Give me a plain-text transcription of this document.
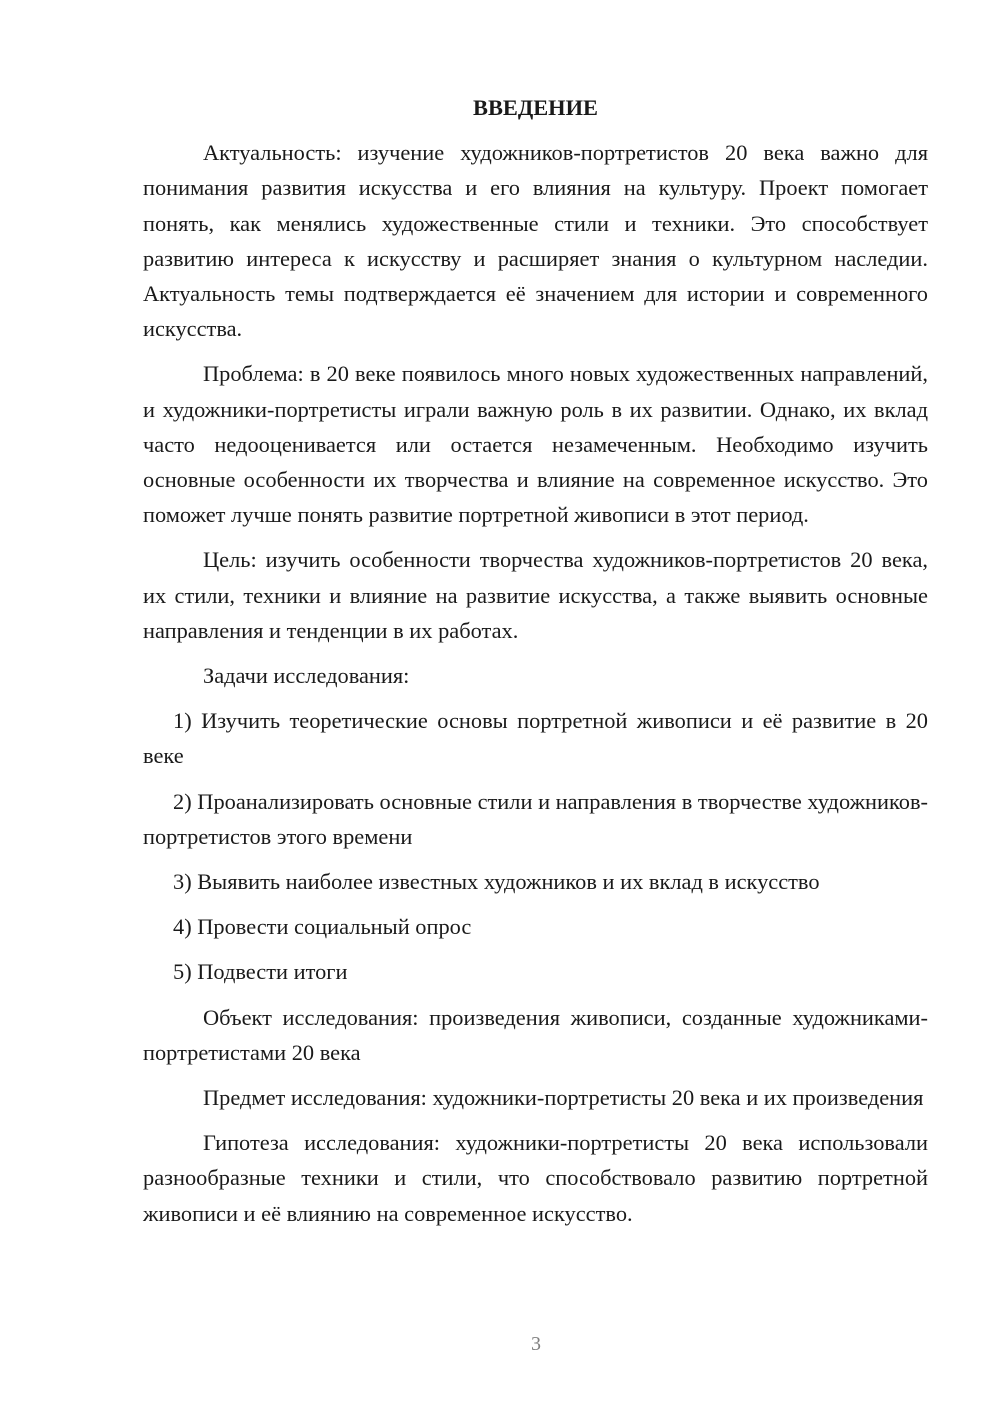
ВВЕДЕНИЕ

Актуальность: изучение художников-портретистов 20 века важно для понимания развития искусства и его влияния на культуру. Проект помогает понять, как менялись художественные стили и техники. Это способствует развитию интереса к искусству и расширяет знания о культурном наследии. Актуальность темы подтверждается её значением для истории и современного искусства.

Проблема: в 20 веке появилось много новых художественных направлений, и художники-портретисты играли важную роль в их развитии. Однако, их вклад часто недооценивается или остается незамеченным. Необходимо изучить основные особенности их творчества и влияние на современное искусство. Это поможет лучше понять развитие портретной живописи в этот период.

Цель: изучить особенности творчества художников-портретистов 20 века, их стили, техники и влияние на развитие искусства, а также выявить основные направления и тенденции в их работах.

Задачи исследования:

1) Изучить теоретические основы портретной живописи и её развитие в 20 веке

2) Проанализировать основные стили и направления в творчестве художников-портретистов этого времени

3) Выявить наиболее известных художников и их вклад в искусство

4) Провести социальный опрос

5) Подвести итоги

Объект исследования: произведения живописи, созданные художниками-портретистами 20 века

Предмет исследования: художники-портретисты 20 века и их произведения

Гипотеза исследования: художники-портретисты 20 века использовали разнообразные техники и стили, что способствовало развитию портретной живописи и её влиянию на современное искусство.

3
